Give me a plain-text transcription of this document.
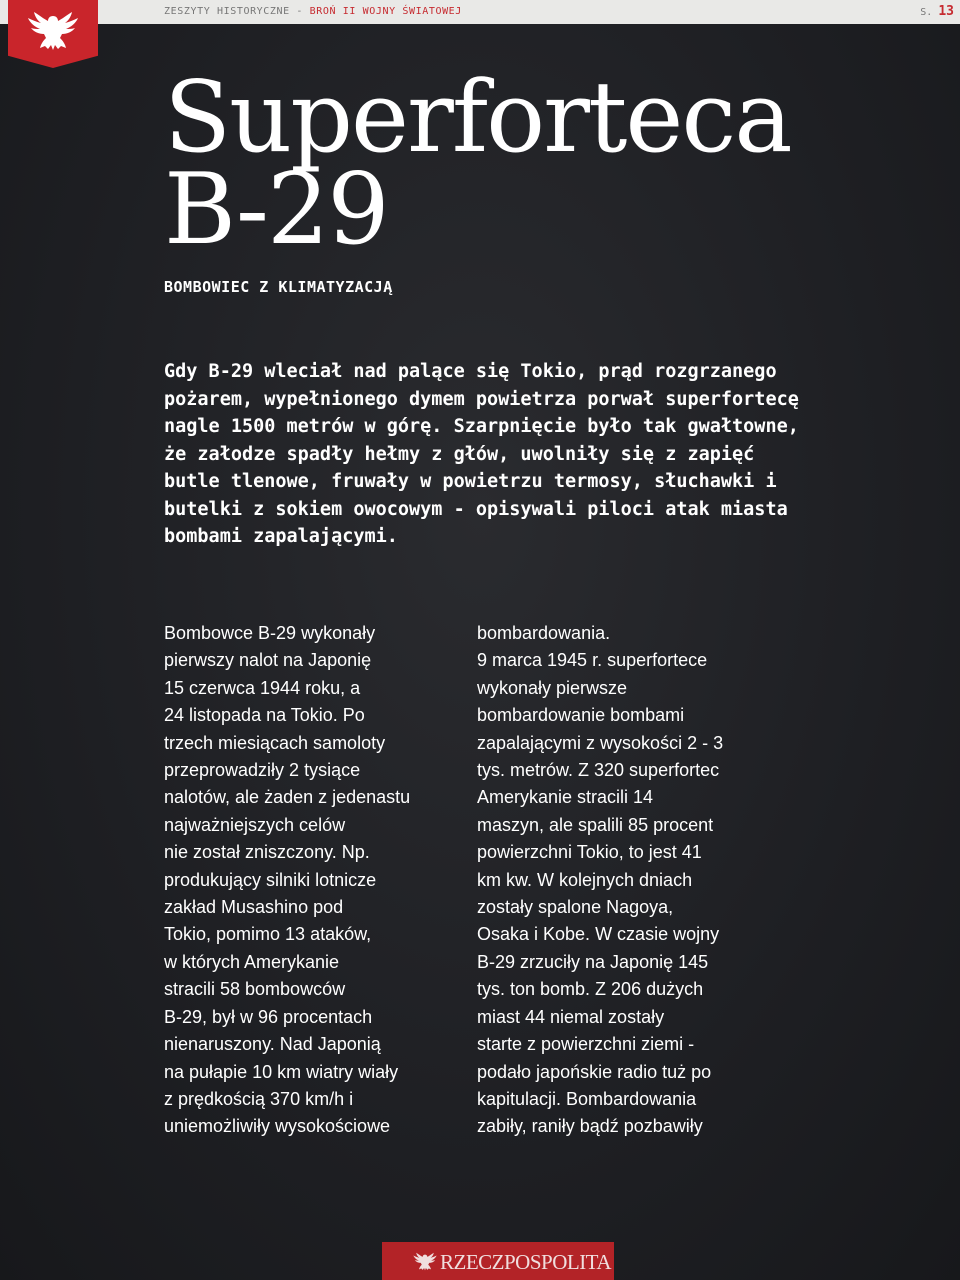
ZESZYTY HISTORYCZNE - BROŃ II WOJNY ŚWIATOWEJ	S. 13
Superforteca
B-29
BOMBOWIEC Z KLIMATYZACJĄ

Gdy B-29 wleciał nad palące się Tokio, prąd rozgrzanego pożarem, wypełnionego dymem powietrza porwał superfortecę nagle 1500 metrów w górę. Szarpnięcie było tak gwałtowne, że załodze spadły hełmy z głów, uwolniły się z zapięć butle tlenowe, fruwały w powietrzu termosy, słuchawki i butelki z sokiem owocowym - opisywali piloci atak miasta bombami zapalającymi.

Bombowce B-29 wykonały
pierwszy nalot na Japonię
15 czerwca 1944 roku, a
24 listopada na Tokio. Po
trzech miesiącach samoloty
przeprowadziły 2 tysiące
nalotów, ale żaden z jedenastu
najważniejszych celów
nie został zniszczony. Np.
produkujący silniki lotnicze
zakład Musashino pod
Tokio, pomimo 13 ataków,
w których Amerykanie
stracili 58 bombowców
B-29, był w 96 procentach
nienaruszony. Nad Japonią
na pułapie 10 km wiatry wiały
z prędkością 370 km/h i
uniemożliwiły wysokościowe

bombardowania.
9 marca 1945 r. superfortece
wykonały pierwsze
bombardowanie bombami
zapalającymi z wysokości 2 - 3
tys. metrów. Z 320 superfortec
Amerykanie stracili 14
maszyn, ale spalili 85 procent
powierzchni Tokio, to jest 41
km kw. W kolejnych dniach
zostały spalone Nagoya,
Osaka i Kobe. W czasie wojny
B-29 zrzuciły na Japonię 145
tys. ton bomb. Z 206 dużych
miast 44 niemal zostały
starte z powierzchni ziemi -
podało japońskie radio tuż po
kapitulacji. Bombardowania
zabiły, raniły bądź pozbawiły

RZECZPOSPOLITA
